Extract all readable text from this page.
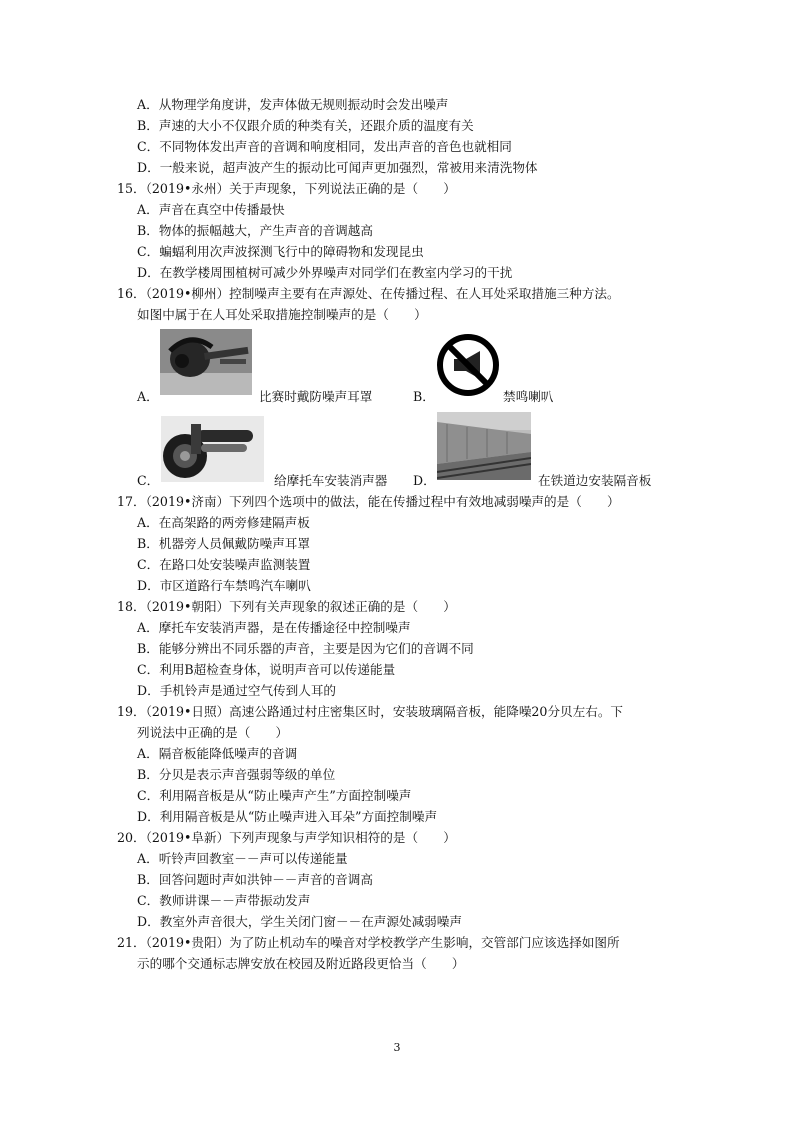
A．从物理学角度讲，发声体做无规则振动时会发出噪声
B．声速的大小不仅跟介质的种类有关，还跟介质的温度有关
C．不同物体发出声音的音调和响度相同，发出声音的音色也就相同
D．一般来说，超声波产生的振动比可闻声更加强烈，常被用来清洗物体
15．（2019•永州）关于声现象，下列说法正确的是（　　）
A．声音在真空中传播最快
B．物体的振幅越大，产生声音的音调越高
C．蝙蝠利用次声波探测飞行中的障碍物和发现昆虫
D．在教学楼周围植树可减少外界噪声对同学们在教室内学习的干扰
16．（2019•柳州）控制噪声主要有在声源处、在传播过程、在人耳处采取措施三种方法。
如图中属于在人耳处采取措施控制噪声的是（　　）
A．	比赛时戴防噪声耳罩	B．	禁鸣喇叭
C．	给摩托车安装消声器 D．	在铁道边安装隔音板
17．（2019•济南）下列四个选项中的做法，能在传播过程中有效地减弱噪声的是（　　）
A．在高架路的两旁修建隔声板
B．机器旁人员佩戴防噪声耳罩
C．在路口处安装噪声监测装置
D．市区道路行车禁鸣汽车喇叭
18．（2019•朝阳）下列有关声现象的叙述正确的是（　　）
A．摩托车安装消声器，是在传播途径中控制噪声
B．能够分辨出不同乐器的声音，主要是因为它们的音调不同
C．利用B超检查身体，说明声音可以传递能量
D．手机铃声是通过空气传到人耳的
19．（2019•日照）高速公路通过村庄密集区时，安装玻璃隔音板，能降噪20分贝左右。下
列说法中正确的是（　　）
A．隔音板能降低噪声的音调
B．分贝是表示声音强弱等级的单位
C．利用隔音板是从“防止噪声产生”方面控制噪声
D．利用隔音板是从“防止噪声进入耳朵”方面控制噪声
20．（2019•阜新）下列声现象与声学知识相符的是（　　）
A．听铃声回教室－－声可以传递能量
B．回答问题时声如洪钟－－声音的音调高
C．教师讲课－－声带振动发声
D．教室外声音很大，学生关闭门窗－－在声源处减弱噪声
21．（2019•贵阳）为了防止机动车的噪音对学校教学产生影响，交管部门应该选择如图所
示的哪个交通标志牌安放在校园及附近路段更恰当（　　）
3
